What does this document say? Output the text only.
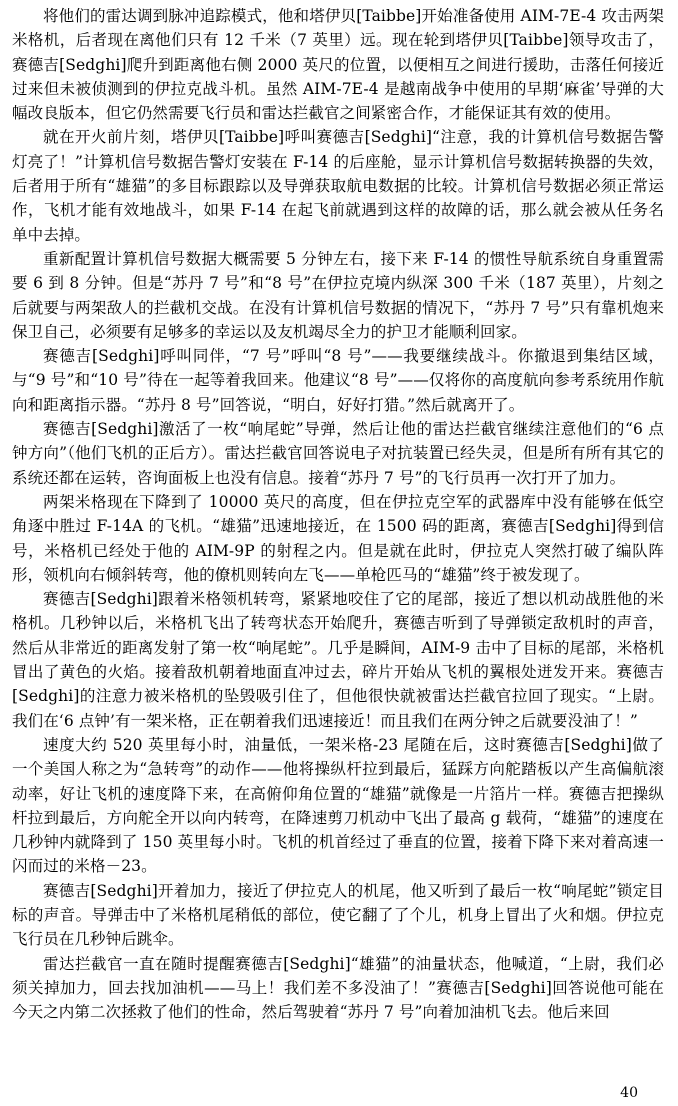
将他们的雷达调到脉冲追踪模式，他和塔伊贝[Taibbe]开始准备使用 AIM-7E-4 攻击两架米格机，后者现在离他们只有 12 千米（7 英里）远。现在轮到塔伊贝[Taibbe]领导攻击了，赛德吉[Sedghi]爬升到距离他右侧 2000 英尺的位置，以便相互之间进行援助，击落任何接近过来但未被侦测到的伊拉克战斗机。虽然 AIM-7E-4 是越南战争中使用的早期‘麻雀’导弹的大幅改良版本，但它仍然需要飞行员和雷达拦截官之间紧密合作，才能保证其有效的使用。

就在开火前片刻，塔伊贝[Taibbe]呼叫赛德吉[Sedghi]“注意，我的计算机信号数据告警灯亮了！”计算机信号数据告警灯安装在 F-14 的后座舱，显示计算机信号数据转换器的失效，后者用于所有“雄猫”的多目标跟踪以及导弹获取航电数据的比较。计算机信号数据必须正常运作，飞机才能有效地战斗，如果 F-14 在起飞前就遇到这样的故障的话，那么就会被从任务名单中去掉。

重新配置计算机信号数据大概需要 5 分钟左右，接下来 F-14 的惯性导航系统自身重置需要 6 到 8 分钟。但是“苏丹 7 号”和“8 号”在伊拉克境内纵深 300 千米（187 英里），片刻之后就要与两架敌人的拦截机交战。在没有计算机信号数据的情况下，“苏丹 7 号”只有靠机炮来保卫自己，必须要有足够多的幸运以及友机竭尽全力的护卫才能顺利回家。

赛德吉[Sedghi]呼叫同伴，“7 号”呼叫“8 号”——我要继续战斗。你撤退到集结区域，与“9 号”和“10 号”待在一起等着我回来。他建议“8 号”——仅将你的高度航向参考系统用作航向和距离指示器。“苏丹 8 号”回答说，“明白，好好打猎。”然后就离开了。

赛德吉[Sedghi]激活了一枚“响尾蛇”导弹，然后让他的雷达拦截官继续注意他们的“6 点钟方向”（他们飞机的正后方）。雷达拦截官回答说电子对抗装置已经失灵，但是所有所有其它的系统还都在运转，咨询面板上也没有信息。接着“苏丹 7 号”的飞行员再一次打开了加力。

两架米格现在下降到了 10000 英尺的高度，但在伊拉克空军的武器库中没有能够在低空角逐中胜过 F-14A 的飞机。“雄猫”迅速地接近，在 1500 码的距离，赛德吉[Sedghi]得到信号，米格机已经处于他的 AIM-9P 的射程之内。但是就在此时，伊拉克人突然打破了编队阵形，领机向右倾斜转弯，他的僚机则转向左飞——单枪匹马的“雄猫”终于被发现了。

赛德吉[Sedghi]跟着米格领机转弯，紧紧地咬住了它的尾部，接近了想以机动战胜他的米格机。几秒钟以后，米格机飞出了转弯状态开始爬升，赛德吉听到了导弹锁定敌机时的声音，然后从非常近的距离发射了第一枚“响尾蛇”。几乎是瞬间，AIM-9 击中了目标的尾部，米格机冒出了黄色的火焰。接着敌机朝着地面直冲过去，碎片开始从飞机的翼根处迸发开来。赛德吉[Sedghi]的注意力被米格机的坠毁吸引住了，但他很快就被雷达拦截官拉回了现实。“上尉。我们在‘6 点钟’有一架米格，正在朝着我们迅速接近！而且我们在两分钟之后就要没油了！”

速度大约 520 英里每小时，油量低，一架米格-23 尾随在后，这时赛德吉[Sedghi]做了一个美国人称之为“急转弯”的动作——他将操纵杆拉到最后，猛踩方向舵踏板以产生高偏航滚动率，好让飞机的速度降下来，在高俯仰角位置的“雄猫”就像是一片箔片一样。赛德吉把操纵杆拉到最后，方向舵全开以向内转弯，在降速剪刀机动中飞出了最高 g 载荷，“雄猫”的速度在几秒钟内就降到了 150 英里每小时。飞机的机首经过了垂直的位置，接着下降下来对着高速一闪而过的米格－23。

赛德吉[Sedghi]开着加力，接近了伊拉克人的机尾，他又听到了最后一枚“响尾蛇”锁定目标的声音。导弹击中了米格机尾稍低的部位，使它翻了了个儿，机身上冒出了火和烟。伊拉克飞行员在几秒钟后跳伞。

雷达拦截官一直在随时提醒赛德吉[Sedghi]“雄猫”的油量状态，他喊道，“上尉，我们必须关掉加力，回去找加油机——马上！我们差不多没油了！”赛德吉[Sedghi]回答说他可能在今天之内第二次拯救了他们的性命，然后驾驶着“苏丹 7 号”向着加油机飞去。他后来回

40
